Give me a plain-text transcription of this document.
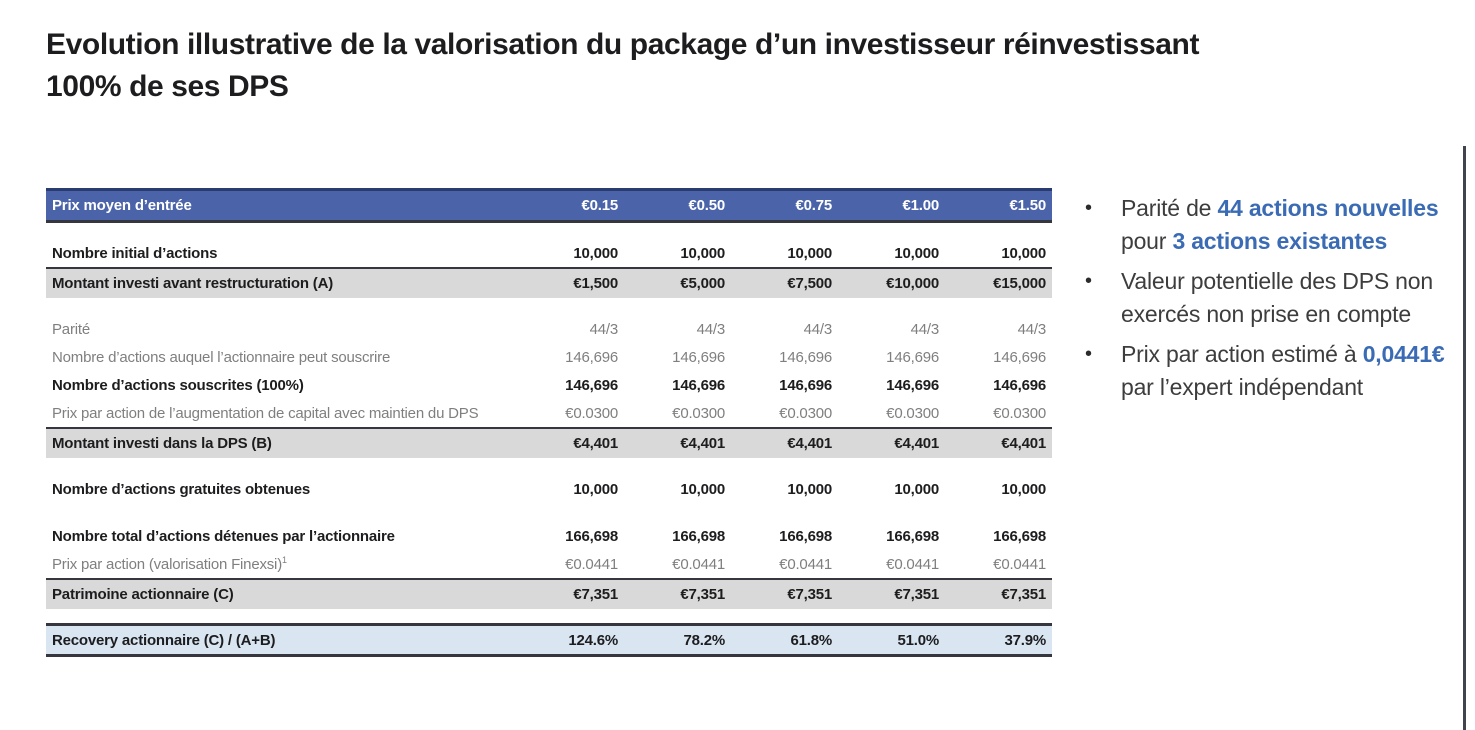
Evolution illustrative de la valorisation du package d’un investisseur réinvestissant
100% de ses DPS
Prix moyen d’entrée	€0.15	€0.50	€0.75	€1.00	€1.50
Nombre initial d’actions	10,000	10,000	10,000	10,000	10,000
Montant investi avant restructuration (A)	€1,500	€5,000	€7,500	€10,000	€15,000
Parité	44/3	44/3	44/3	44/3	44/3
Nombre d’actions auquel l’actionnaire peut souscrire	146,696	146,696	146,696	146,696	146,696
Nombre d’actions souscrites (100%)	146,696	146,696	146,696	146,696	146,696
Prix par action de l’augmentation de capital avec maintien du DPS	€0.0300	€0.0300	€0.0300	€0.0300	€0.0300
Montant investi dans la DPS (B)	€4,401	€4,401	€4,401	€4,401	€4,401
Nombre d’actions gratuites obtenues	10,000	10,000	10,000	10,000	10,000
Nombre total d’actions détenues par l’actionnaire	166,698	166,698	166,698	166,698	166,698
Prix par action (valorisation Finexsi)$^1$	€0.0441	€0.0441	€0.0441	€0.0441	€0.0441
Patrimoine actionnaire (C)	€7,351	€7,351	€7,351	€7,351	€7,351
Recovery actionnaire (C) / (A+B)	124.6%	78.2%	61.8%	51.0%	37.9%
•	Parité de 44 actions nouvelles pour 3 actions existantes
•	Valeur potentielle des DPS non exercés non prise en compte
•	Prix par action estimé à 0,0441€ par l’expert indépendant
